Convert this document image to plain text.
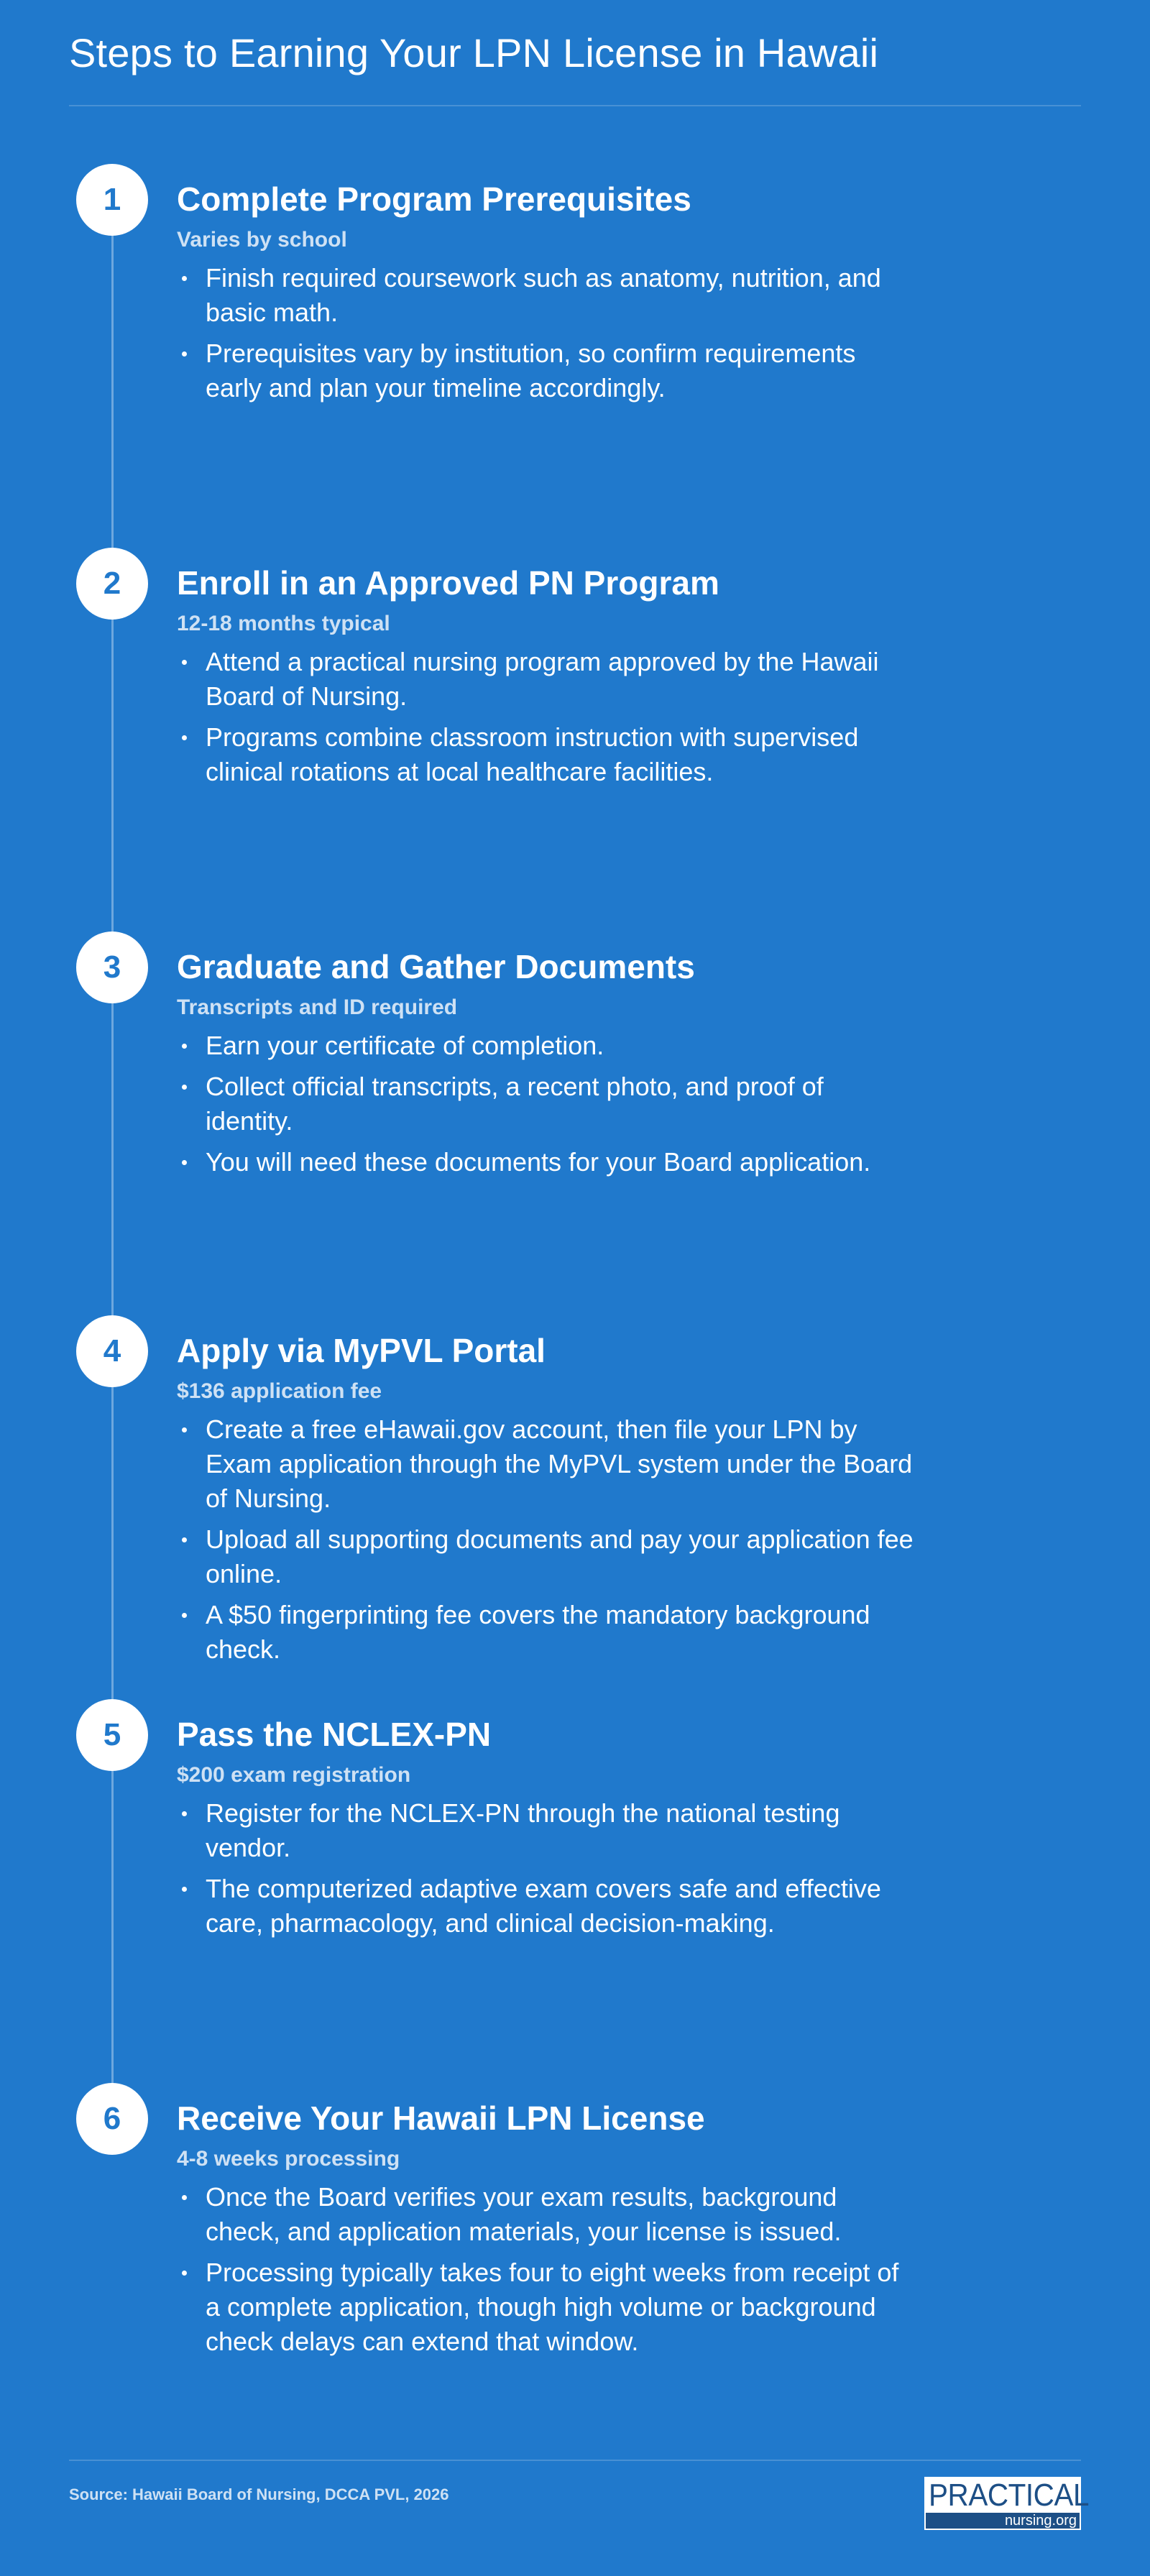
Steps to Earning Your LPN License in Hawaii
1	Complete Program Prerequisites
Varies by school
Finish required coursework such as anatomy, nutrition, and basic math.
Prerequisites vary by institution, so confirm requirements early and plan your timeline accordingly.
2	Enroll in an Approved PN Program
12-18 months typical
Attend a practical nursing program approved by the Hawaii Board of Nursing.
Programs combine classroom instruction with supervised clinical rotations at local healthcare facilities.
3	Graduate and Gather Documents
Transcripts and ID required
Earn your certificate of completion.
Collect official transcripts, a recent photo, and proof of identity.
You will need these documents for your Board application.
4	Apply via MyPVL Portal
$136 application fee
Create a free eHawaii.gov account, then file your LPN by Exam application through the MyPVL system under the Board of Nursing.
Upload all supporting documents and pay your application fee online.
A $50 fingerprinting fee covers the mandatory background check.
5	Pass the NCLEX-PN
$200 exam registration
Register for the NCLEX-PN through the national testing vendor.
The computerized adaptive exam covers safe and effective care, pharmacology, and clinical decision-making.
6	Receive Your Hawaii LPN License
4-8 weeks processing
Once the Board verifies your exam results, background check, and application materials, your license is issued.
Processing typically takes four to eight weeks from receipt of a complete application, though high volume or background check delays can extend that window.
Source: Hawaii Board of Nursing, DCCA PVL, 2026	PRACTICAL
nursing.org
